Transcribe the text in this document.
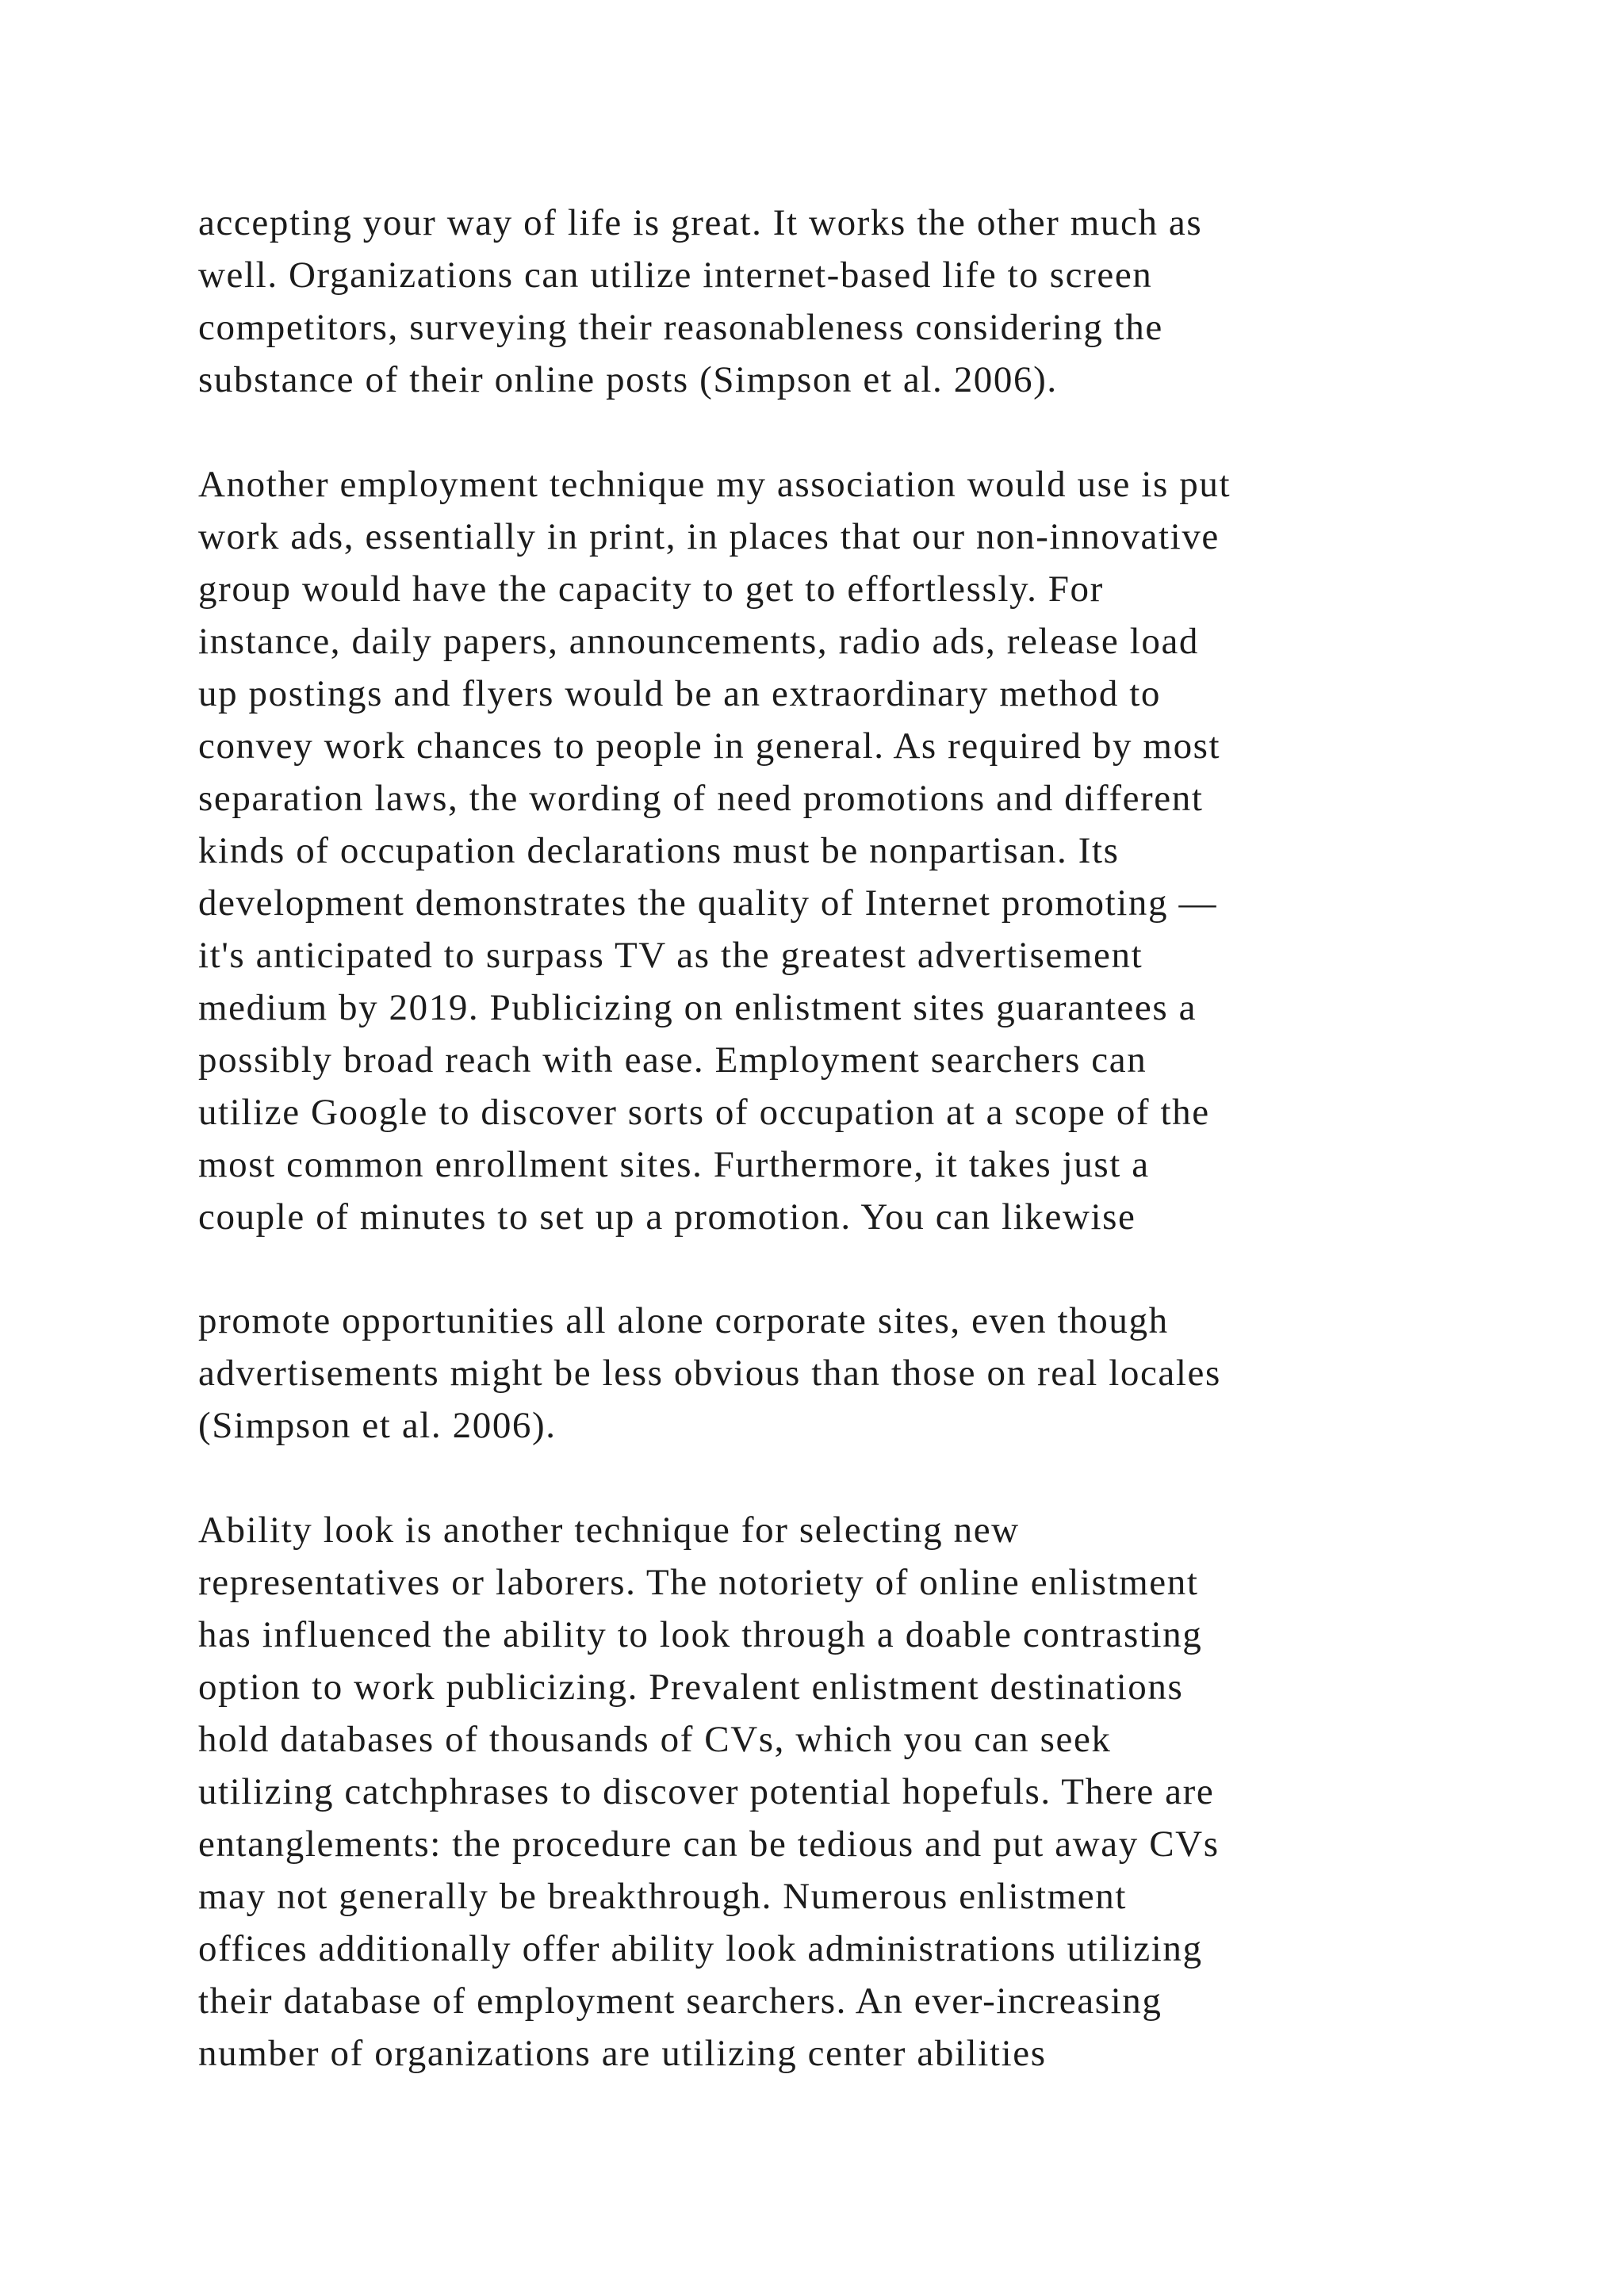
accepting your way of life is great. It works the other much as
well. Organizations can utilize internet-based life to screen
competitors, surveying their reasonableness considering the
substance of their online posts (Simpson et al. 2006).

Another employment technique my association would use is put
work ads, essentially in print, in places that our non-innovative
group would have the capacity to get to effortlessly. For
instance, daily papers, announcements, radio ads, release load
up postings and flyers would be an extraordinary method to
convey work chances to people in general. As required by most
separation laws, the wording of need promotions and different
kinds of occupation declarations must be nonpartisan. Its
development demonstrates the quality of Internet promoting —
it's anticipated to surpass TV as the greatest advertisement
medium by 2019. Publicizing on enlistment sites guarantees a
possibly broad reach with ease. Employment searchers can
utilize Google to discover sorts of occupation at a scope of the
most common enrollment sites. Furthermore, it takes just a
couple of minutes to set up a promotion. You can likewise

promote opportunities all alone corporate sites, even though
advertisements might be less obvious than those on real locales
(Simpson et al. 2006).

Ability look is another technique for selecting new
representatives or laborers. The notoriety of online enlistment
has influenced the ability to look through a doable contrasting
option to work publicizing. Prevalent enlistment destinations
hold databases of thousands of CVs, which you can seek
utilizing catchphrases to discover potential hopefuls. There are
entanglements: the procedure can be tedious and put away CVs
may not generally be breakthrough. Numerous enlistment
offices additionally offer ability look administrations utilizing
their database of employment searchers. An ever-increasing
number of organizations are utilizing center abilities
